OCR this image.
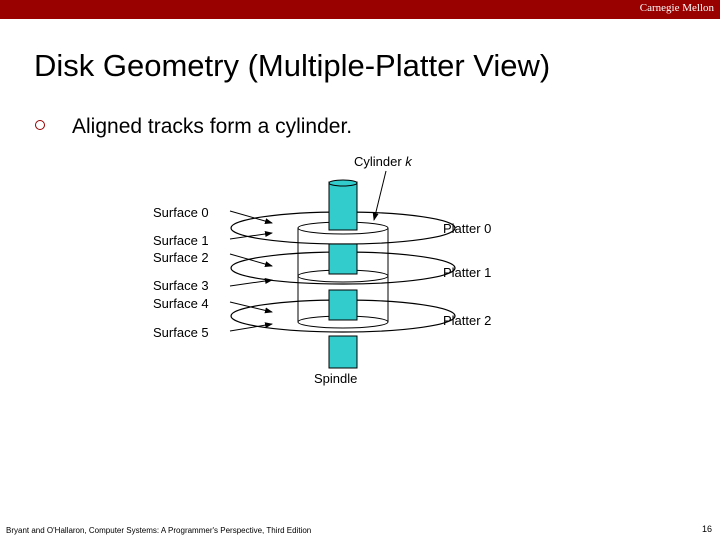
Carnegie Mellon
Disk Geometry (Multiple-Platter View)
Aligned tracks form a cylinder.
Cylinder k
Surface 0
Surface 1
Surface 2
Surface 3
Surface 4
Surface 5
Platter 0
Platter 1
Platter 2
Spindle
Bryant and O'Hallaron, Computer Systems: A Programmer's Perspective, Third Edition	16
